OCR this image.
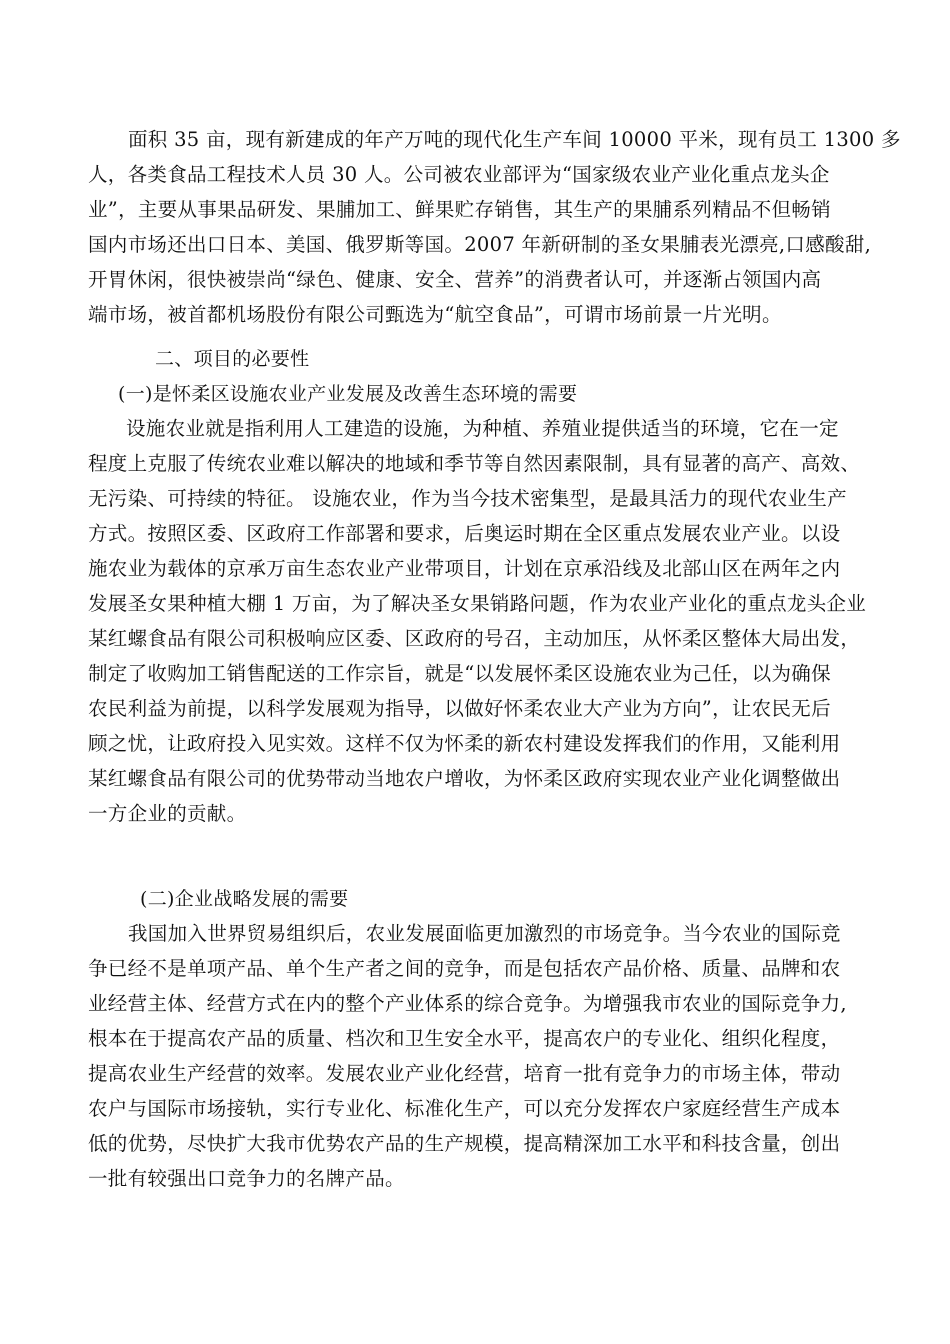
面积 35 亩，现有新建成的年产万吨的现代化生产车间 10000 平米，现有员工 1300 多
人，各类食品工程技术人员 30 人。公司被农业部评为“国家级农业产业化重点龙头企
业”，主要从事果品研发、果脯加工、鲜果贮存销售，其生产的果脯系列精品不但畅销
国内市场还出口日本、美国、俄罗斯等国。2007 年新研制的圣女果脯表光漂亮,口感酸甜,
开胃休闲，很快被崇尚“绿色、健康、安全、营养”的消费者认可，并逐渐占领国内高
端市场，被首都机场股份有限公司甄选为“航空食品”，可谓市场前景一片光明。
二、项目的必要性
(一)是怀柔区设施农业产业发展及改善生态环境的需要
设施农业就是指利用人工建造的设施，为种植、养殖业提供适当的环境，它在一定
程度上克服了传统农业难以解决的地域和季节等自然因素限制，具有显著的高产、高效、
无污染、可持续的特征。 设施农业，作为当今技术密集型，是最具活力的现代农业生产
方式。按照区委、区政府工作部署和要求，后奥运时期在全区重点发展农业产业。以设
施农业为载体的京承万亩生态农业产业带项目，计划在京承沿线及北部山区在两年之内
发展圣女果种植大棚 1 万亩，为了解决圣女果销路问题，作为农业产业化的重点龙头企业
某红螺食品有限公司积极响应区委、区政府的号召，主动加压，从怀柔区整体大局出发，
制定了收购加工销售配送的工作宗旨，就是“以发展怀柔区设施农业为己任，以为确保
农民利益为前提，以科学发展观为指导，以做好怀柔农业大产业为方向”，让农民无后
顾之忧，让政府投入见实效。这样不仅为怀柔的新农村建设发挥我们的作用，又能利用
某红螺食品有限公司的优势带动当地农户增收，为怀柔区政府实现农业产业化调整做出
一方企业的贡献。
(二)企业战略发展的需要
我国加入世界贸易组织后，农业发展面临更加激烈的市场竞争。当今农业的国际竞
争已经不是单项产品、单个生产者之间的竞争，而是包括农产品价格、质量、品牌和农
业经营主体、经营方式在内的整个产业体系的综合竞争。为增强我市农业的国际竞争力,
根本在于提高农产品的质量、档次和卫生安全水平，提高农户的专业化、组织化程度，
提高农业生产经营的效率。发展农业产业化经营，培育一批有竞争力的市场主体，带动
农户与国际市场接轨，实行专业化、标准化生产，可以充分发挥农户家庭经营生产成本
低的优势，尽快扩大我市优势农产品的生产规模，提高精深加工水平和科技含量，创出
一批有较强出口竞争力的名牌产品。
